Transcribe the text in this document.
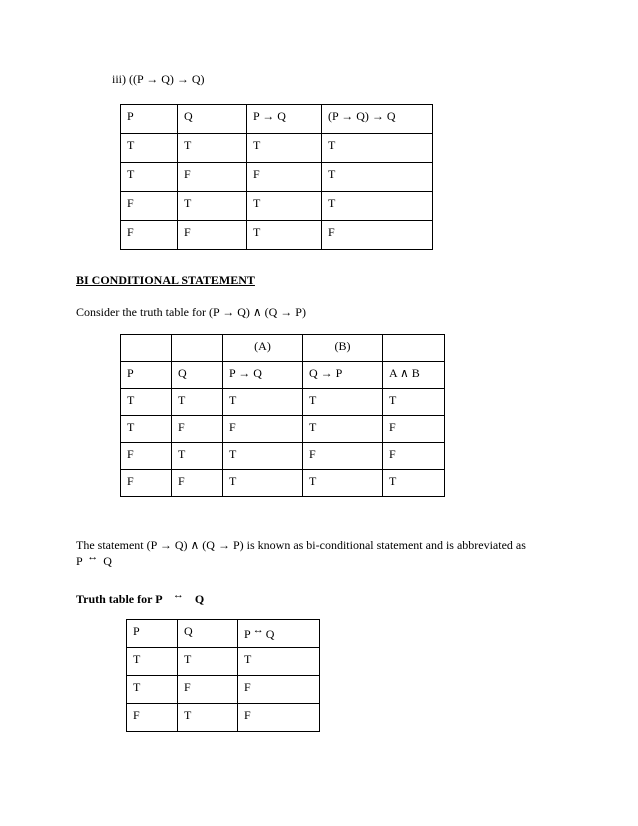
iii) ((P → Q) → Q)
P	Q	P → Q	(P → Q) → Q
T	T	T	T
T	F	F	T
F	T	T	T
F	F	T	F
BI CONDITIONAL STATEMENT
Consider the truth table for (P → Q) ∧ (Q → P)
		(A)	(B)	
P	Q	P → Q	Q → P	A ∧ B
T	T	T	T	T
T	F	F	T	F
F	T	T	F	F
F	F	T	T	T
The statement (P → Q) ∧ (Q → P) is known as bi-conditional statement and is abbreviated as
P ↔ Q
Truth table for P ↔ Q
P	Q	P ↔ Q
T	T	T
T	F	F
F	T	F
